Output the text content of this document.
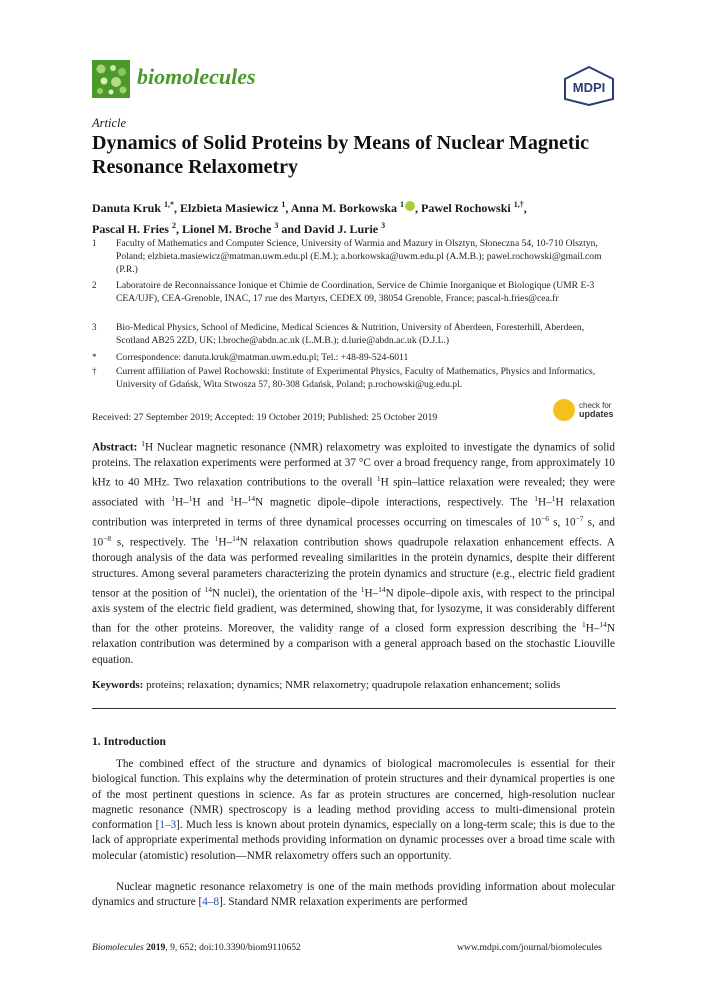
biomolecules	MDPI
Article
Dynamics of Solid Proteins by Means of Nuclear Magnetic Resonance Relaxometry
Danuta Kruk $^{1,*}$, Elzbieta Masiewicz $^1$, Anna M. Borkowska $^1$ , Pawel Rochowski $^{1,\dagger}$,
Pascal H. Fries $^2$, Lionel M. Broche $^3$ and David J. Lurie $^3$
1	Faculty of Mathematics and Computer Science, University of Warmia and Mazury in Olsztyn, Słoneczna 54, 10-710 Olsztyn, Poland; elzbieta.masiewicz@matman.uwm.edu.pl (E.M.); a.borkowska@uwm.edu.pl (A.M.B.); pawel.rochowski@gmail.com (P.R.)
2	Laboratoire de Reconnaissance Ionique et Chimie de Coordination, Service de Chimie Inorganique et Biologique (UMR E-3 CEA/UJF), CEA-Grenoble, INAC, 17 rue des Martyrs, CEDEX 09, 38054 Grenoble, France; pascal-h.fries@cea.fr
3	Bio-Medical Physics, School of Medicine, Medical Sciences & Nutrition, University of Aberdeen, Foresterhill, Aberdeen, Scotland AB25 2ZD, UK; l.broche@abdn.ac.uk (L.M.B.); d.lurie@abdn.ac.uk (D.J.L.)
*	Correspondence: danuta.kruk@matman.uwm.edu.pl; Tel.: +48-89-524-6011
†	Current affiliation of Pawel Rochowski: Institute of Experimental Physics, Faculty of Mathematics, Physics and Informatics, University of Gdańsk, Wita Stwosza 57, 80-308 Gdańsk, Poland; p.rochowski@ug.edu.pl.
Received: 27 September 2019; Accepted: 19 October 2019; Published: 25 October 2019
check for
updates
Abstract: $^1$H Nuclear magnetic resonance (NMR) relaxometry was exploited to investigate the dynamics of solid proteins. The relaxation experiments were performed at 37 °C over a broad frequency range, from approximately 10 kHz to 40 MHz. Two relaxation contributions to the overall $^1$H spin–lattice relaxation were revealed; they were associated with $^1$H–$^1$H and $^1$H–$^{14}$N magnetic dipole–dipole interactions, respectively. The $^1$H–$^1$H relaxation contribution was interpreted in terms of three dynamical processes occurring on timescales of $10^{-6}$ s, $10^{-7}$ s, and $10^{-8}$ s, respectively. The $^1$H–$^{14}$N relaxation contribution shows quadrupole relaxation enhancement effects. A thorough analysis of the data was performed revealing similarities in the protein dynamics, despite their different structures. Among several parameters characterizing the protein dynamics and structure (e.g., electric field gradient tensor at the position of $^{14}$N nuclei), the orientation of the $^1$H–$^{14}$N dipole–dipole axis, with respect to the principal axis system of the electric field gradient, was determined, showing that, for lysozyme, it was considerably different than for the other proteins. Moreover, the validity range of a closed form expression describing the $^1$H–$^{14}$N relaxation contribution was determined by a comparison with a general approach based on the stochastic Liouville equation.
Keywords: proteins; relaxation; dynamics; NMR relaxometry; quadrupole relaxation enhancement; solids
1. Introduction
The combined effect of the structure and dynamics of biological macromolecules is essential for their biological function. This explains why the determination of protein structures and their dynamical properties is one of the most pertinent questions in science. As far as protein structures are concerned, high-resolution nuclear magnetic resonance (NMR) spectroscopy is a leading method providing access to multi-dimensional protein conformation [1–3]. Much less is known about protein dynamics, especially on a long-term scale; this is due to the lack of appropriate experimental methods providing information on dynamic processes over a broad time scale with molecular (atomistic) resolution—NMR relaxometry offers such an opportunity.
Nuclear magnetic resonance relaxometry is one of the main methods providing information about molecular dynamics and structure [4–8]. Standard NMR relaxation experiments are performed
Biomolecules 2019, 9, 652; doi:10.3390/biom9110652	www.mdpi.com/journal/biomolecules
